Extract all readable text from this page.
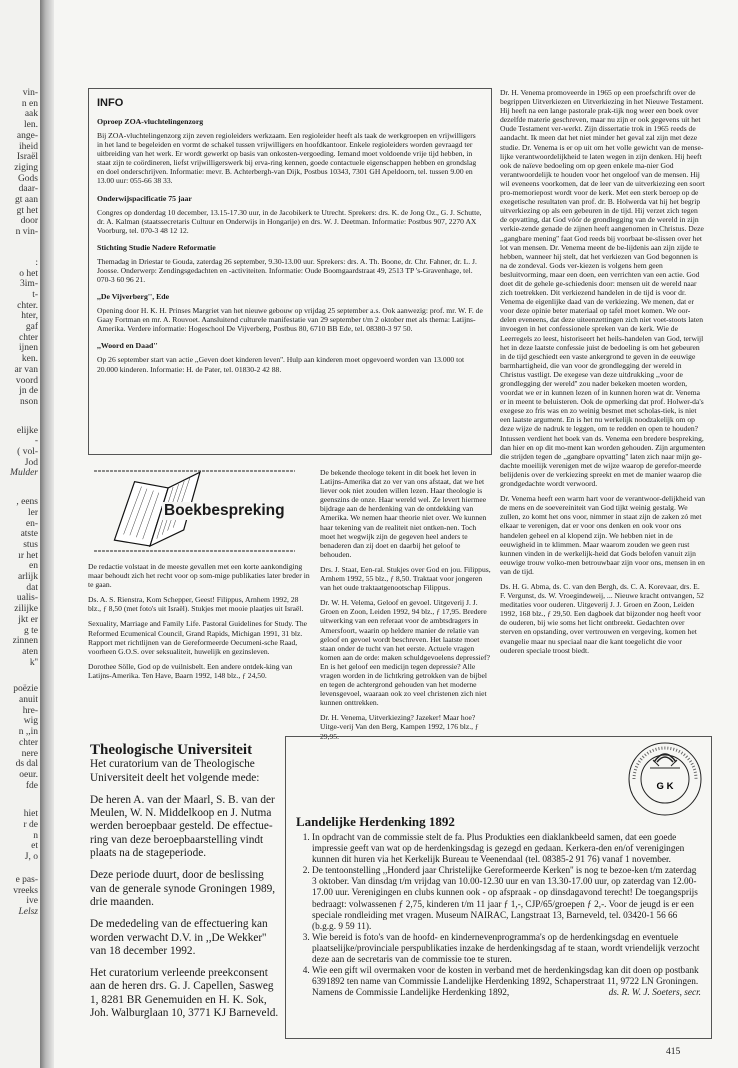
vin-
n en
aak
len.
ange-
iheid
Israël
ziging
Gods
daar-
gt aan
gt het
door
n vin-
:
o het
3im-
t-
chter.
hter,
gaf
chter
ijnen
ken.
ar van
voord
jn de
nson
elijke
-
( vol-
Jod
Mulder
, eens
ler
en-
atste
stus
ır het
en
arlijk
dat
ualis-
zilijke
jkt er
g te
zinnen
aten
k''
poëzie
anuit
hre-
wig
n ,,in
chter
nere
ds dal
oeur.
fde
hiet
r de
n
et
J, o
e pas-
vreeks
ive
Lelsz
INFO
Oproep ZOA-vluchtelingenzorg

Bij ZOA-vluchtelingenzorg zijn zeven regioleiders werkzaam. Een regioleider heeft als taak de werkgroepen en vrijwilligers in het land te begeleiden en vormt de schakel tussen vrijwilligers en hoofdkantoor. Enkele regioleiders worden gevraagd ter uitbreiding van het werk. Er wordt gewerkt op basis van onkosten-vergoeding. Iemand moet voldoende vrije tijd hebben, in staat zijn te coördineren, liefst vrijwilligerswerk bij erva-ring kennen, goede contactuele eigenschappen hebben en grondslag en doel onderschrijven. Informatie: mevr. B. Achterbergh-van Dijk, Postbus 10343, 7301 GH Apeldoorn, tel. tussen 9.00 en 13.00 uur: 055-66 38 33.

Onderwijspacificatie 75 jaar

Congres op donderdag 10 december, 13.15-17.30 uur, in de Jacobikerk te Utrecht. Sprekers: drs. K. de Jong Oz., G. J. Schutte, dr. A. Kalman (staatssecretaris Cultuur en Onderwijs in Hongarije) en drs. W. J. Deetman. Informatie: Postbus 907, 2270 AX Voorburg, tel. 070-3 48 12 12.

Stichting Studie Nadere Reformatie

Themadag in Driestar te Gouda, zaterdag 26 september, 9.30-13.00 uur. Sprekers: drs. A. Th. Boone, dr. Chr. Fahner, dr. L. J. Joosse. Onderwerp: Zendingsgedachten en -activiteiten. Informatie: Oude Boomgaardstraat 49, 2513 TP 's-Gravenhage, tel. 070-3 60 96 21.

,,De Vijverberg'', Ede

Opening door H. K. H. Prinses Margriet van het nieuwe gebouw op vrijdag 25 september a.s. Ook aanwezig: prof. mr. W. F. de Gaay Fortman en mr. A. Rouvoet. Aansluitend culturele manifestatie van 29 september t/m 2 oktober met als thema: Latijns-Amerika. Verdere informatie: Hogeschool De Vijverberg, Postbus 80, 6710 BB Ede, tel. 08380-3 97 50.

,,Woord en Daad''

Op 26 september start van actie ,,Geven doet kinderen leven''. Hulp aan kinderen moet opgevoerd worden van 13.000 tot 20.000 kinderen. Informatie: H. de Pater, tel. 01830-2 42 88.

Boekbespreking

De redactie volstaat in de meeste gevallen met een korte aankondiging maar behoudt zich het recht voor op som-mige publikaties later breder in te gaan.

Ds. A. S. Rienstra, Kom Schepper, Geest! Filippus, Arnhem 1992, 28 blz., ƒ 8,50 (met foto's uit Israël). Stukjes met mooie plaatjes uit Israël.

Sexuality, Marriage and Family Life. Pastoral Guidelines for Study. The Reformed Ecumenical Council, Grand Rapids, Michigan 1991, 31 blz. Rapport met richtlijnen van de Gereformeerde Oecumeni-sche Raad, voorheen G.O.S. over seksualiteit, huwelijk en gezinsleven.

Dorothee Sölle, God op de vuilnisbelt. Een andere ontdek-king van Latijns-Amerika. Ten Have, Baarn 1992, 148 blz., ƒ 24,50.

De bekende theologe tekent in dit boek het leven in Latijns-Amerika dat zo ver van ons afstaat, dat we het liever ook niet zouden willen lezen. Haar theologie is geenszins de onze. Haar wereld wel. Ze levert hiermee bijdrage aan de herdenking van de ontdekking van Amerika. We nemen haar theorie niet over. We kunnen haar tekening van de realiteit niet ontken-nen. Toch moet het wegwijk zijn de gegeven heel anders te benaderen dan zij doet en daarbij het geloof te behouden.

Drs. J. Staat, Een-ral. Stukjes over God en jou. Filippus, Arnhem 1992, 55 blz., ƒ 8,50. Traktaat voor jongeren van het oude traktaatgenootschap Filippus.

Dr. W. H. Velema, Geloof en gevoel. Uitgeverij J. J. Groen en Zoon, Leiden 1992, 94 blz., ƒ 17,95. Bredere uitwerking van een referaat voor de ambtsdragers in Amersfoort, waarin op heldere manier de relatie van geloof en gevoel wordt beschreven. Het laatste moet staan onder de tucht van het eerste. Actuele vragen komen aan de orde: maken schuldgevoelens depressief? En is het geloof een medicijn tegen depressie? Alle vragen worden in de lichtkring getrokken van de bijbel en tegen de achtergrond gehouden van het moderne levensgevoel, waaraan ook zo veel christenen zich niet kunnen onttrekken.

Dr. H. Venema, Uitverkiezing? Jazeker! Maar hoe? Uitge-verij Van den Berg, Kampen 1992, 176 blz., ƒ 29,95.

Dr. H. Venema promoveerde in 1965 op een proefschrift over de begrippen Uitverkiezen en Uitverkiezing in het Nieuwe Testament. Hij heeft na een lange pastorale prak-tijk nog weer een boek over dezelfde materie geschreven, maar nu zijn er ook gegevens uit het Oude Testament ver-werkt. Zijn dissertatie trok in 1965 reeds de aandacht. Ik meen dat het niet minder het geval zal zijn met deze studie. Dr. Venema is er op uit om het volle gewicht van de mense-lijke verantwoordelijkheid te laten wegen in zijn denken. Hij heeft ook de naïeve bedoeling om op geen enkele ma-nier God verantwoordelijk te houden voor het ongeloof van de mensen. Hij wil eveneens voorkomen, dat de leer van de uitverkiezing een soort pro-memoriepost wordt voor de kerk. Met een sterk beroep op de exegetische resultaten van prof. dr. B. Holwerda vat hij het begrip uitverkiezing op als een gebeuren in de tijd. Hij verzet zich tegen de opvatting, dat God vóór de grondlegging van de wereld in zijn verkie-zende genade de zijnen heeft aangenomen in Christus. Deze ,,gangbare mening'' faat God reeds bij voorbaat be-slissen over het lot van mensen. Dr. Venema meent de be-lijdenis aan zijn zijde te hebben, wanneer hij stelt, dat het verkiezen van God begonnen is na de zondeval. Gods ver-kiezen is volgens hem geen besluitvorming, maar een doen, een verrichten van een actie. God doet dit de gehele ge-schiedenis door: mensen uit de wereld naar zich toetrekken. Dit verkiezend handelen in de tijd is voor dr. Venema de eigenlijke daad van de verkiezing. We menen, dat er voor deze opinie beter materiaal op tafel moet komen. We oor-delen eveneens, dat deze uiteenzettingen zich niet voet-stoots laten invoegen in het confessionele spreken van de kerk. Wie de Leerregels zo leest, historiseert het heils-handelen van God, terwijl het in deze laatste confessie juist de bedoeling is om het gebeuren in de tijd geschiedt een vaste ankergrond te geven in de eeuwige barmhartigheid, die van voor de grondlegging der wereld in Christus vastligt. De exegese van deze uitdrukking ,,voor de grondlegging der wereld'' zou nader bekeken moeten worden, voordat we er in kunnen lezen of in kunnen horen wat dr. Venema er in meent te beluisteren. Ook de opmerking dat prof. Holwer-da's exegese zo fris was en zo weinig besmet met scholas-tiek, is niet een laatste argument. En is het nu werkelijk noodzakelijk om op deze wijze de nadruk te leggen, om te redden en open te houden? Intussen verdient het boek van ds. Venema een bredere bespreking, dan hier en op dit mo-ment kan worden gehouden. Zijn argumenten die strijden tegen de ,,gangbare opvatting'' laten zich naar mijn ge-dachte moeilijk verenigen met de wijze waarop de gerefor-meerde belijdenis over de verkiezing spreekt en met de manier waarop die grondgedachte wordt verwoord.

Dr. Venema heeft een warm hart voor de verantwoor-delijkheid van de mens en de soevereiniteit van God tijkt weinig gestalg. We zullen, zo komt het ons voor, nimmer in staat zijn de zaken zó met elkaar te verenigen, dat er voor ons denken en ook voor ons handelen geheel en al klopend zijn. We hebben niet in de eeuwigheid in te klimmen. Maar waarom zouden we geen rust kunnen vinden in de werkelijk-heid dat Gods belofen vanuit zijn eeuwige trouw volko-men betrouwbaar zijn voor ons, mensen in en van de tijd.

Ds. H. G. Abma, ds. C. van den Bergh, ds. C. A. Korevaar, drs. E. F. Vergunst, ds. W. Vroegindeweij, ... Nieuwe kracht ontvangen, 52 meditaties voor ouderen. Uitgeverij J. J. Groen en Zoon, Leiden 1992, 168 blz., ƒ 29,50. Een dagboek dat bijzonder nog heeft voor de ouderen, bij wie soms het licht ontbreekt. Gedachten over sterven en opstanding, over vertrouwen en vergeving, komen het evangelie maar nu speciaal naar die kant toegelicht die voor ouderen speciale troost biedt.

Theologische Universiteit

Het curatorium van de Theologische Universiteit deelt het volgende mede:

De heren A. van der Maarl, S. B. van der Meulen, W. N. Middelkoop en J. Nutma werden beroepbaar gesteld. De effectue-ring van deze beroepbaarstelling vindt plaats na de stageperiode.

Deze periode duurt, door de beslissing van de generale synode Groningen 1989, drie maanden.

De mededeling van de effectuering kan worden verwacht D.V. in ,,De Wekker'' van 18 december 1992.

Het curatorium verleende preekconsent aan de heren drs. G. J. Capellen, Sasweg 1, 8281 BR Genemuiden en H. K. Sok, Joh. Walburglaan 10, 3771 KJ Barneveld.

G K
Landelijke Herdenking 1892
1. In opdracht van de commissie stelt de fa. Plus Produkties een diaklankbeeld samen, dat een goede impressie geeft van wat op de herdenkingsdag is gezegd en gedaan. Kerkera-den en/of verenigingen kunnen dit huren via het Kerkelijk Bureau te Veenendaal (tel. 08385-2 91 76) vanaf 1 november.
2. De tentoonstelling ,,Honderd jaar Christelijke Gereformeerde Kerken'' is nog te bezoe-ken t/m zaterdag 3 oktober. Van dinsdag t/m vrijdag van 10.00-12.30 uur en van 13.30-17.00 uur, op zaterdag van 12.00-17.00 uur. Verenigingen en clubs kunnen ook - op afspraak - op dinsdagavond terecht! De toegangsprijs bedraagt: volwassenen ƒ 2,75, kinderen t/m 11 jaar ƒ 1,-, CJP/65/groepen ƒ 2,-. Voor de jeugd is er een speciale rondleiding met vragen. Museum NAIRAC, Langstraat 13, Barneveld, tel. 03420-1 56 66 (b.g.g. 9 59 11).
3. Wie bereid is foto's van de hoofd- en kindernevenprogramma's op de herdenkingsdag en eventuele plaatselijke/provinciale perspublikaties inzake de herdenkingsdag af te staan, wordt vriendelijk verzocht deze aan de secretaris van de commissie toe te sturen.
4. Wie een gift wil overmaken voor de kosten in verband met de herdenkingsdag kan dit doen op postbank 6391892 ten name van Commissie Landelijke Herdenking 1892, Schaperstraat 11, 9722 LN Groningen.
Namens de Commissie Landelijke Herdenking 1892,	ds. R. W. J. Soeters, secr.
415
